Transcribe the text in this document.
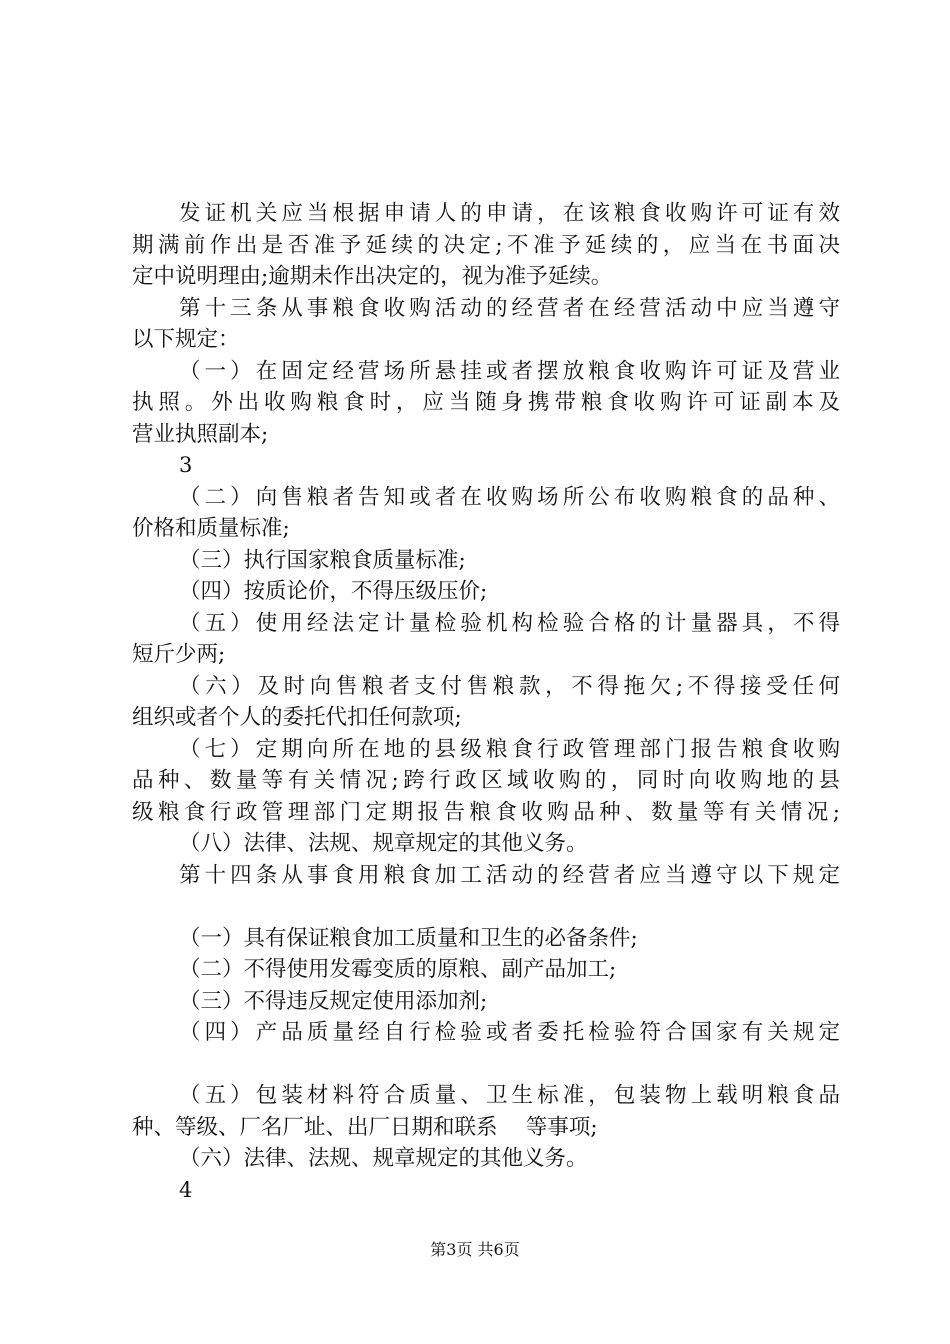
发证机关应当根据申请人的申请，在该粮食收购许可证有效
期满前作出是否准予延续的决定;不准予延续的，应当在书面决
定中说明理由;逾期未作出决定的，视为准予延续。
第十三条从事粮食收购活动的经营者在经营活动中应当遵守
以下规定：
（一）在固定经营场所悬挂或者摆放粮食收购许可证及营业
执照。外出收购粮食时，应当随身携带粮食收购许可证副本及
营业执照副本;
3
（二）向售粮者告知或者在收购场所公布收购粮食的品种、
价格和质量标准;
（三）执行国家粮食质量标准;
（四）按质论价，不得压级压价;
（五）使用经法定计量检验机构检验合格的计量器具，不得
短斤少两;
（六）及时向售粮者支付售粮款，不得拖欠;不得接受任何
组织或者个人的委托代扣任何款项;
（七）定期向所在地的县级粮食行政管理部门报告粮食收购
品种、数量等有关情况;跨行政区域收购的，同时向收购地的县
级粮食行政管理部门定期报告粮食收购品种、数量等有关情况;
（八）法律、法规、规章规定的其他义务。
第十四条从事食用粮食加工活动的经营者应当遵守以下规定
（一）具有保证粮食加工质量和卫生的必备条件;
（二）不得使用发霉变质的原粮、副产品加工;
（三）不得违反规定使用添加剂;
（四）产品质量经自行检验或者委托检验符合国家有关规定
（五）包装材料符合质量、卫生标准，包装物上载明粮食品
种、等级、厂名厂址、出厂日期和联系 　等事项;
（六）法律、法规、规章规定的其他义务。
4
第3页 共6页
